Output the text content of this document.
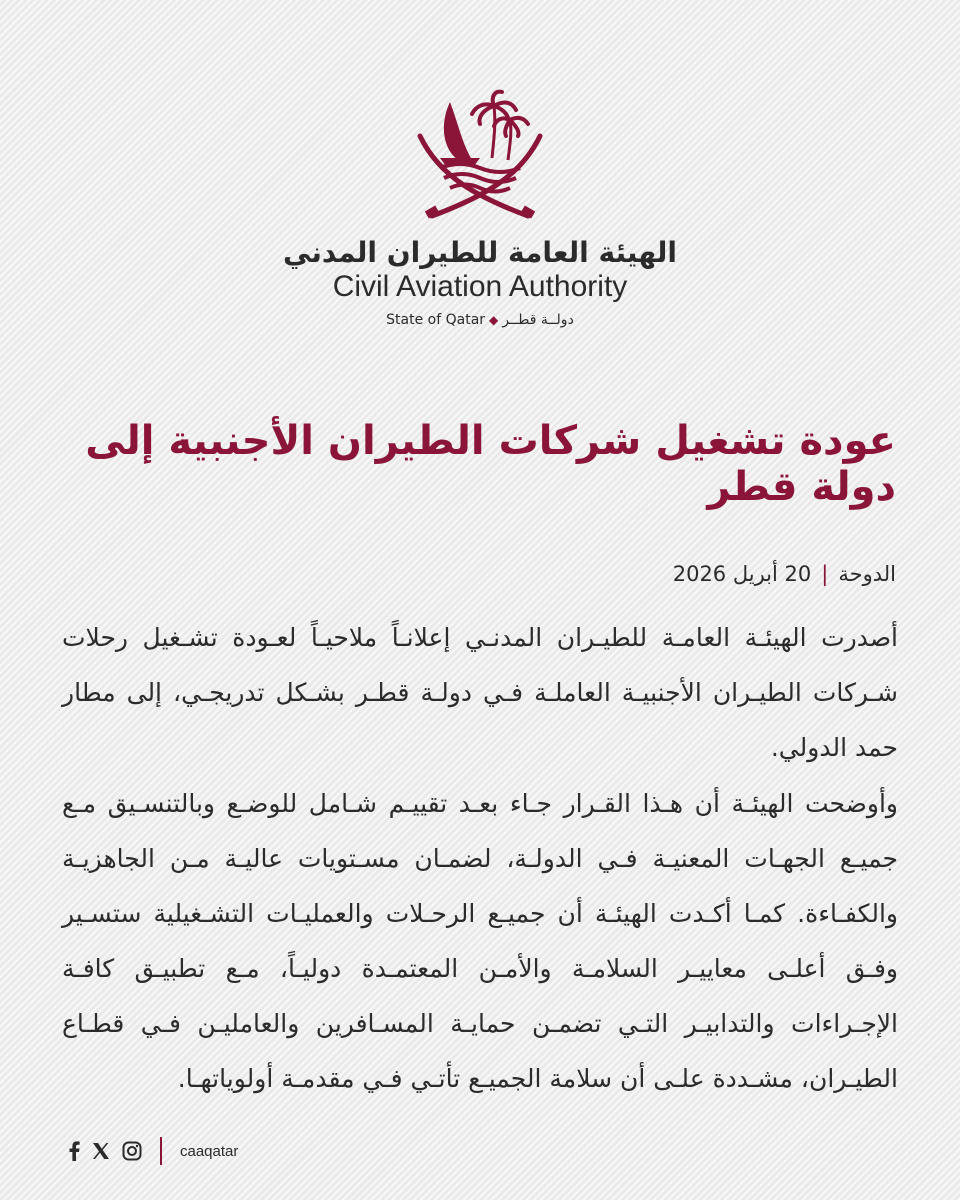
الهيئة العامة للطيران المدني
Civil Aviation Authority
State of Qatar ◆ دولــة قطــر
عودة تشغيل شركات الطيران الأجنبية إلى دولة قطر
الدوحة|20 أبريل 2026

أصدرت الهيئـة العامـة للطيـران المدنـي إعلانـاً ملاحيـاً لعـودة تشـغيل رحلات شـركات الطيـران الأجنبيـة العاملـة فـي دولـة قطـر بشـكل تدريجـي، إلى مطار حمد الدولي.

وأوضحت الهيئـة أن هـذا القـرار جـاء بعـد تقييـم شـامل للوضـع وبالتنسـيق مـع جميـع الجهـات المعنيـة فـي الدولـة، لضمـان مسـتويات عاليـة مـن الجاهزيـة والكفـاءة. كمـا أكـدت الهيئـة أن جميـع الرحـلات والعمليـات التشـغيلية ستسـير وفـق أعلـى معاييـر السلامـة والأمـن المعتمـدة دوليـاً، مـع تطبيـق كافـة الإجـراءات والتدابيـر التـي تضمـن حمايـة المسـافرين والعامليـن فـي قطـاع الطيـران، مشـددة علـى أن سلامة الجميـع تأتـي فـي مقدمـة أولوياتهـا.

caaqatar
